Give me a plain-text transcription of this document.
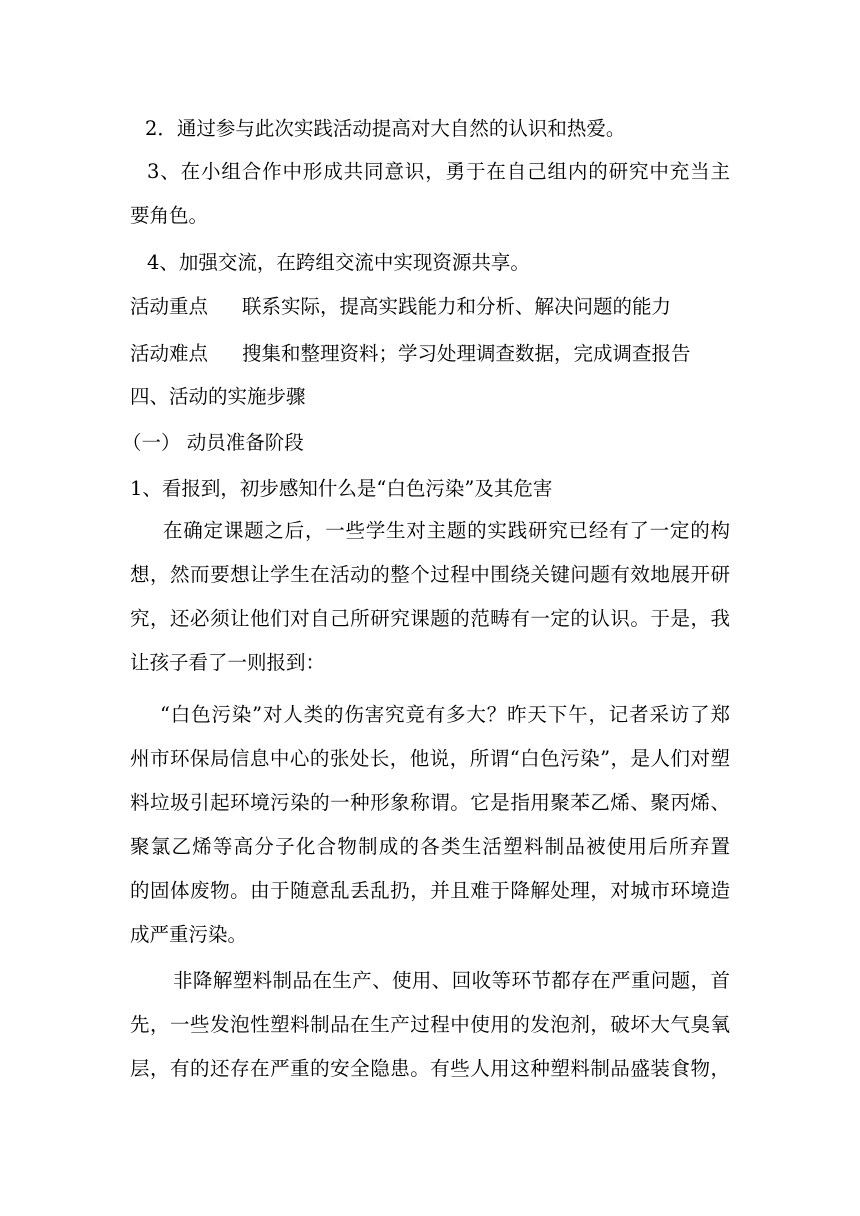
2．通过参与此次实践活动提高对大自然的认识和热爱。
3、在小组合作中形成共同意识，勇于在自己组内的研究中充当主
要角色。
4、加强交流，在跨组交流中实现资源共享。
活动重点 联系实际，提高实践能力和分析、解决问题的能力
活动难点 搜集和整理资料；学习处理调查数据，完成调查报告
四、活动的实施步骤
（一） 动员准备阶段
1、看报到，初步感知什么是“白色污染”及其危害
在确定课题之后，一些学生对主题的实践研究已经有了一定的构
想，然而要想让学生在活动的整个过程中围绕关键问题有效地展开研
究，还必须让他们对自己所研究课题的范畴有一定的认识。于是，我
让孩子看了一则报到：
“白色污染”对人类的伤害究竟有多大？昨天下午，记者采访了郑
州市环保局信息中心的张处长，他说，所谓“白色污染”，是人们对塑
料垃圾引起环境污染的一种形象称谓。它是指用聚苯乙烯、聚丙烯、
聚氯乙烯等高分子化合物制成的各类生活塑料制品被使用后所弃置
的固体废物。由于随意乱丢乱扔，并且难于降解处理，对城市环境造
成严重污染。
非降解塑料制品在生产、使用、回收等环节都存在严重问题，首
先，一些发泡性塑料制品在生产过程中使用的发泡剂，破坏大气臭氧
层，有的还存在严重的安全隐患。有些人用这种塑料制品盛装食物，
